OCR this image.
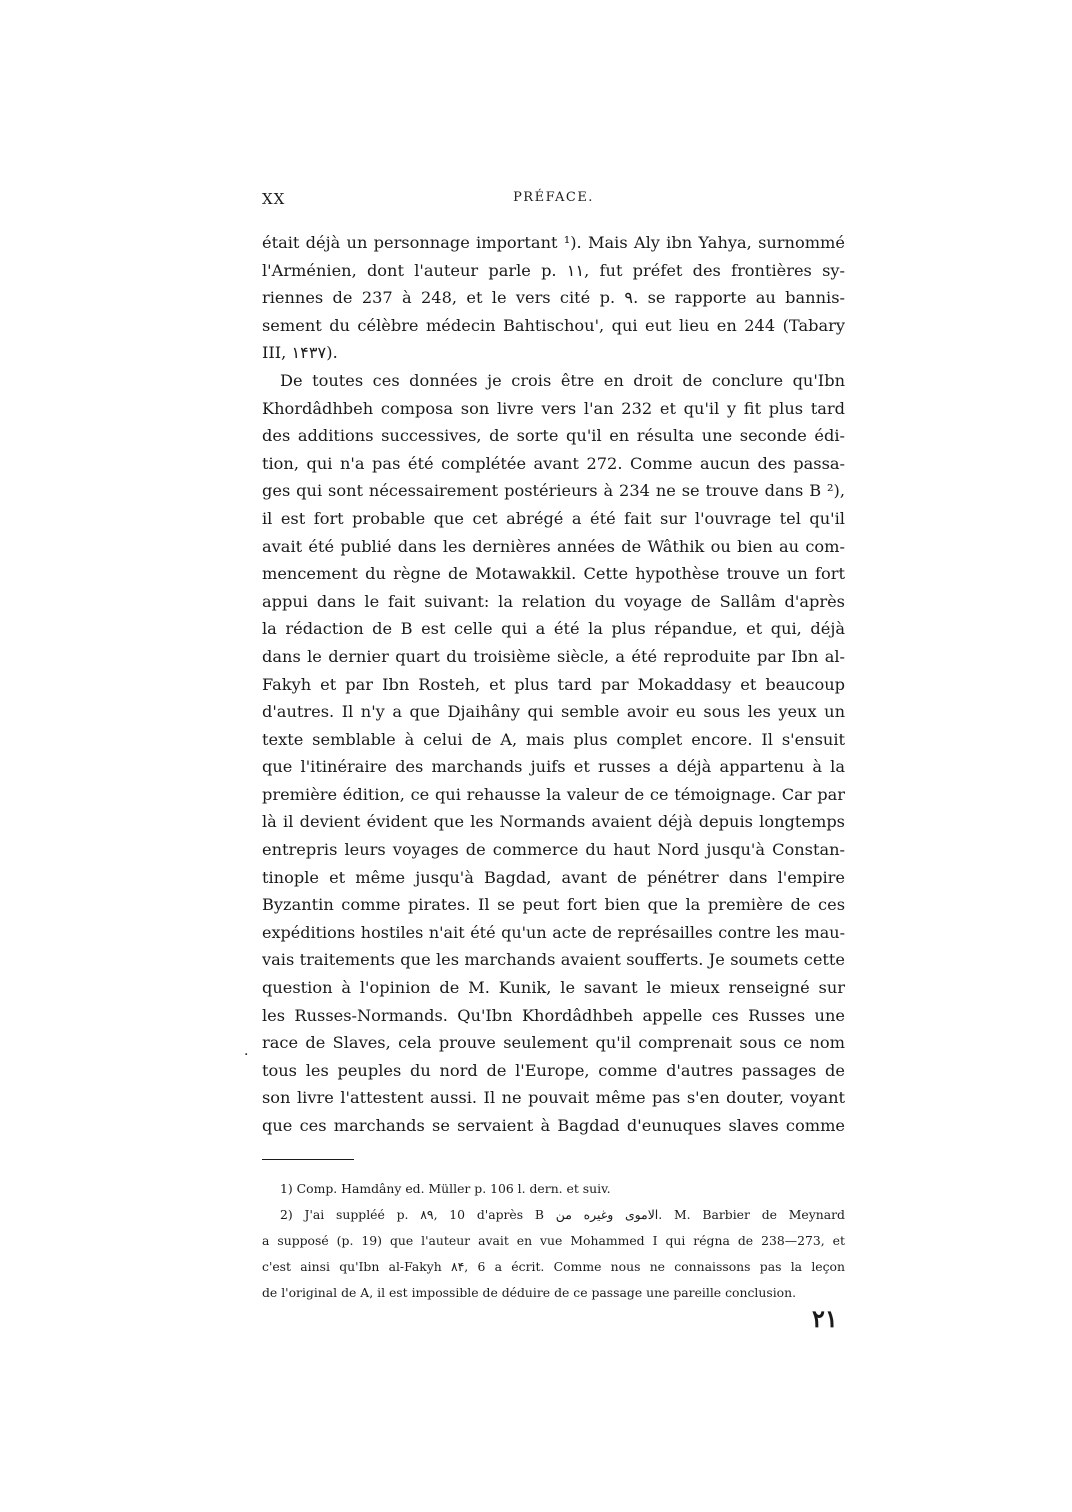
XX	PRÉFACE.
était déjà un personnage important ¹). Mais Aly ibn Yahya, surnommé
l'Arménien, dont l'auteur parle p. ۱۱, fut préfet des frontières sy-
riennes de 237 à 248, et le vers cité p. ۹. se rapporte au bannis-
sement du célèbre médecin Bahtischou', qui eut lieu en 244 (Tabary
III, ۱۴۳۷).
De toutes ces données je crois être en droit de conclure qu'Ibn
Khordâdhbeh composa son livre vers l'an 232 et qu'il y fit plus tard
des additions successives, de sorte qu'il en résulta une seconde édi-
tion, qui n'a pas été complétée avant 272. Comme aucun des passa-
ges qui sont nécessairement postérieurs à 234 ne se trouve dans B ²),
il est fort probable que cet abrégé a été fait sur l'ouvrage tel qu'il
avait été publié dans les dernières années de Wâthik ou bien au com-
mencement du règne de Motawakkil. Cette hypothèse trouve un fort
appui dans le fait suivant: la relation du voyage de Sallâm d'après
la rédaction de B est celle qui a été la plus répandue, et qui, déjà
dans le dernier quart du troisième siècle, a été reproduite par Ibn al-
Fakyh et par Ibn Rosteh, et plus tard par Mokaddasy et beaucoup
d'autres. Il n'y a que Djaihâny qui semble avoir eu sous les yeux un
texte semblable à celui de A, mais plus complet encore. Il s'ensuit
que l'itinéraire des marchands juifs et russes a déjà appartenu à la
première édition, ce qui rehausse la valeur de ce témoignage. Car par
là il devient évident que les Normands avaient déjà depuis longtemps
entrepris leurs voyages de commerce du haut Nord jusqu'à Constan-
tinople et même jusqu'à Bagdad, avant de pénétrer dans l'empire
Byzantin comme pirates. Il se peut fort bien que la première de ces
expéditions hostiles n'ait été qu'un acte de représailles contre les mau-
vais traitements que les marchands avaient soufferts. Je soumets cette
question à l'opinion de M. Kunik, le savant le mieux renseigné sur
les Russes-Normands. Qu'Ibn Khordâdhbeh appelle ces Russes une
race de Slaves, cela prouve seulement qu'il comprenait sous ce nom
tous les peuples du nord de l'Europe, comme d'autres passages de
son livre l'attestent aussi. Il ne pouvait même pas s'en douter, voyant
que ces marchands se servaient à Bagdad d'eunuques slaves comme
·
1) Comp. Hamdâny ed. Müller p. 106 l. dern. et suiv.
2) J'ai suppléé p. ۸۹, 10 d'après B الاموى وغيره من. M. Barbier de Meynard
a supposé (p. 19) que l'auteur avait en vue Mohammed I qui régna de 238—273, et
c'est ainsi qu'Ibn al-Fakyh ۸۴, 6 a écrit. Comme nous ne connaissons pas la leçon
de l'original de A, il est impossible de déduire de ce passage une pareille conclusion.
۲۱
